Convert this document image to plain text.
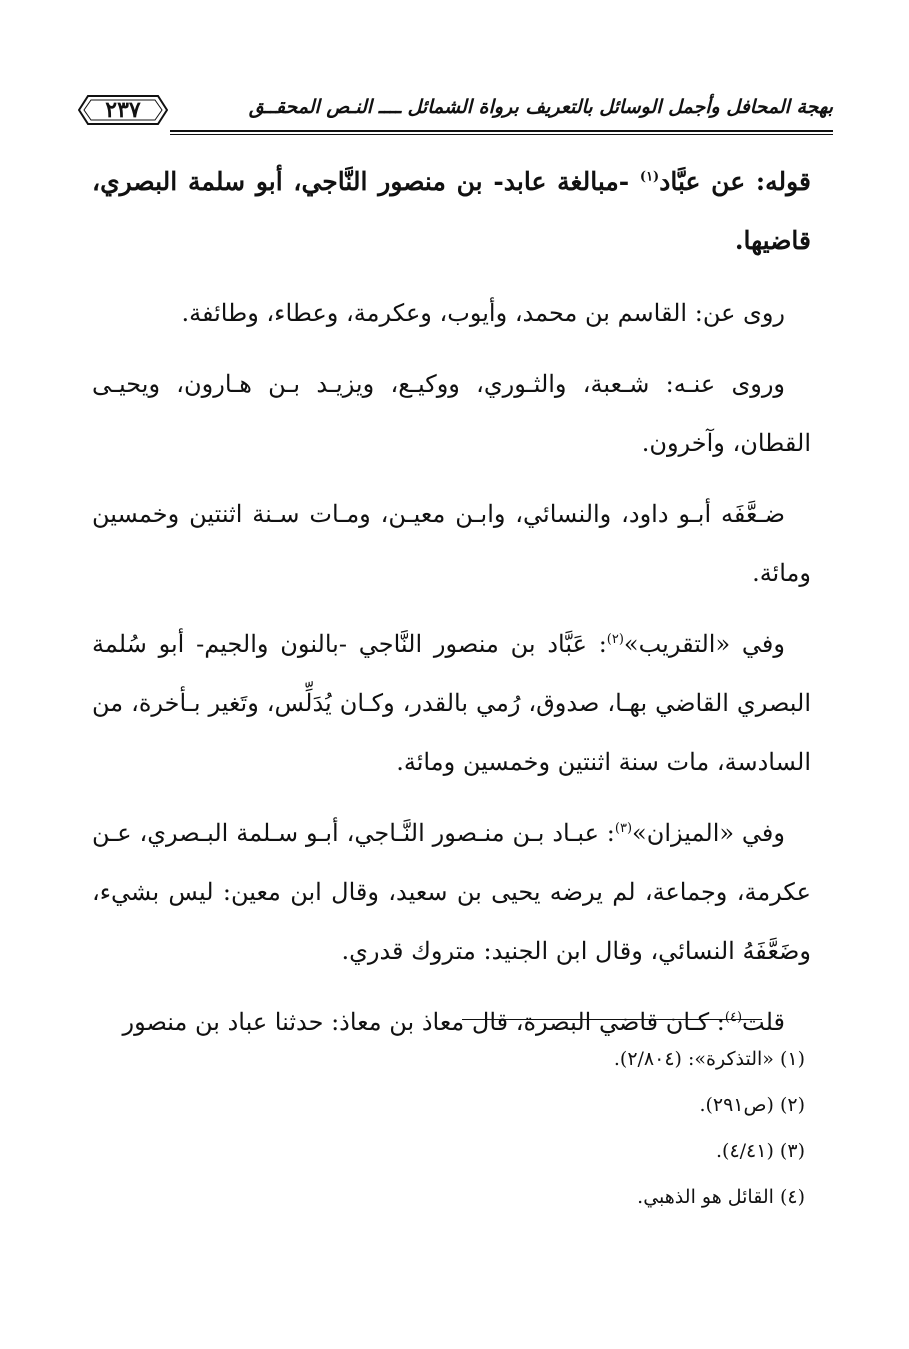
بهجة المحافل وأجمل الوسائل بالتعريف برواة الشمائل ــــ النـص المحقــق
٢٣٧

قوله: عن عبَّاد$^{(١)}$ -مبالغة عابد- بن منصور النَّاجي، أبو سلمة البصري، قاضيها.

روى عن: القاسم بن محمد، وأيوب، وعكرمة، وعطاء، وطائفة.

وروى عنـه: شـعبة، والثـوري، ووكيـع، ويزيـد بـن هـارون، ويحيـى القطان، وآخرون.

ضـعَّفَه أبـو داود، والنسائي، وابـن معيـن، ومـات سـنة اثنتين وخمسين ومائة.

وفي «التقريب»$^{(٢)}$: عَبَّاد بن منصور النَّاجي -بالنون والجيم- أبو سُلمة البصري القاضي بهـا، صدوق، رُمي بالقدر، وكـان يُدَلِّس، وتَغير بـأخرة، من السادسة، مات سنة اثنتين وخمسين ومائة.

وفي «الميزان»$^{(٣)}$: عبـاد بـن منـصور النَّـاجي، أبـو سـلمة البـصري، عـن عكرمة، وجماعة، لم يرضه يحيى بن سعيد، وقال ابن معين: ليس بشيء، وضَعَّفَهُ النسائي، وقال ابن الجنيد: متروك قدري.

قلت$^{(٤)}$: كـان قاضي البصرة، قال معاذ بن معاذ: حدثنا عباد بن منصور

(١) «التذكرة»: (٢/٨٠٤).
(٢) (ص٢٩١).
(٣) (٤/٤١).
(٤) القائل هو الذهبي.
